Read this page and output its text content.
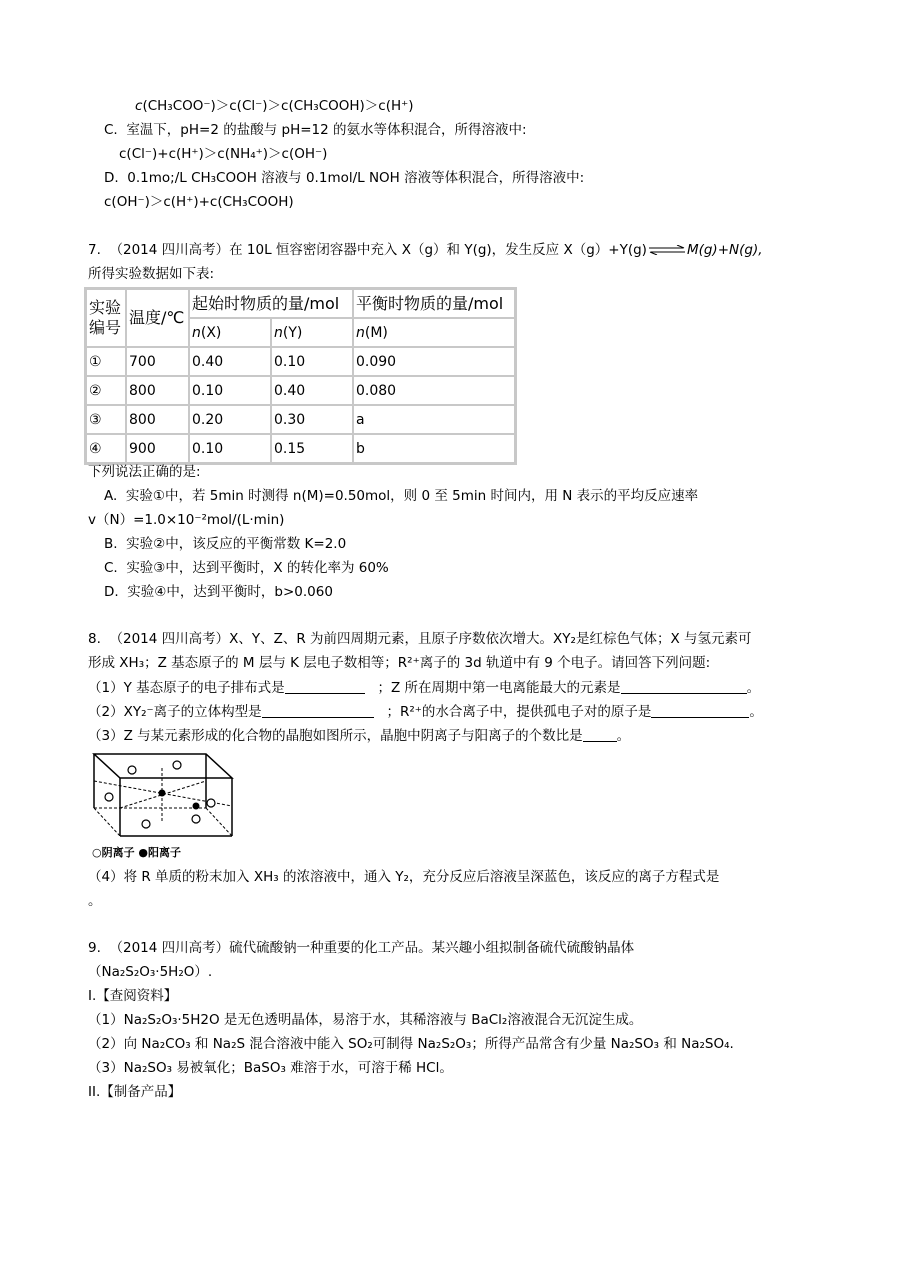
c(CH₃COO⁻)＞c(Cl⁻)＞c(CH₃COOH)＞c(H⁺)
C. 室温下，pH=2 的盐酸与 pH=12 的氨水等体积混合，所得溶液中:
c(Cl⁻)+c(H⁺)＞c(NH₄⁺)＞c(OH⁻)
D. 0.1mo;/L CH₃COOH 溶液与 0.1mol/L NOH 溶液等体积混合，所得溶液中:
c(OH⁻)＞c(H⁺)+c(CH₃COOH)
7. （2014 四川高考）在 10L 恒容密闭容器中充入 X（g）和 Y(g)，发生反应 X（g）+Y(g)⇌M(g)+N(g),
所得实验数据如下表:
实验
编号	温度/℃	起始时物质的量/mol		平衡时物质的量/mol
		n(X)	n(Y)	n(M)
①	700	0.40	0.10	0.090
②	800	0.10	0.40	0.080
③	800	0.20	0.30	a
④	900	0.10	0.15	b
下列说法正确的是:
A. 实验①中，若 5min 时测得 n(M)=0.50mol，则 0 至 5min 时间内，用 N 表示的平均反应速率
v（N）=1.0×10⁻²mol/(L·min)
B. 实验②中，该反应的平衡常数 K=2.0
C. 实验③中，达到平衡时，X 的转化率为 60%
D. 实验④中，达到平衡时，b>0.060
8. （2014 四川高考）X、Y、Z、R 为前四周期元素，且原子序数依次增大。XY₂是红棕色气体；X 与氢元素可
形成 XH₃；Z 基态原子的 M 层与 K 层电子数相等；R²⁺离子的 3d 轨道中有 9 个电子。请回答下列问题:
（1）Y 基态原子的电子排布式是	；Z 所在周期中第一电离能最大的元素是	。
（2）XY₂⁻离子的立体构型是	；R²⁺的水合离子中，提供孤电子对的原子是	。
（3）Z 与某元素形成的化合物的晶胞如图所示，晶胞中阴离子与阳离子的个数比是	。
○阴离子 ●阳离子
（4）将 R 单质的粉末加入 XH₃ 的浓溶液中，通入 Y₂，充分反应后溶液呈深蓝色，该反应的离子方程式是
。
9. （2014 四川高考）硫代硫酸钠一种重要的化工产品。某兴趣小组拟制备硫代硫酸钠晶体
（Na₂S₂O₃·5H₂O）.
I.【查阅资料】
（1）Na₂S₂O₃·5H2O 是无色透明晶体，易溶于水，其稀溶液与 BaCl₂溶液混合无沉淀生成。
（2）向 Na₂CO₃ 和 Na₂S 混合溶液中能入 SO₂可制得 Na₂S₂O₃；所得产品常含有少量 Na₂SO₃ 和 Na₂SO₄.
（3）Na₂SO₃ 易被氧化；BaSO₃ 难溶于水，可溶于稀 HCl。
II.【制备产品】
